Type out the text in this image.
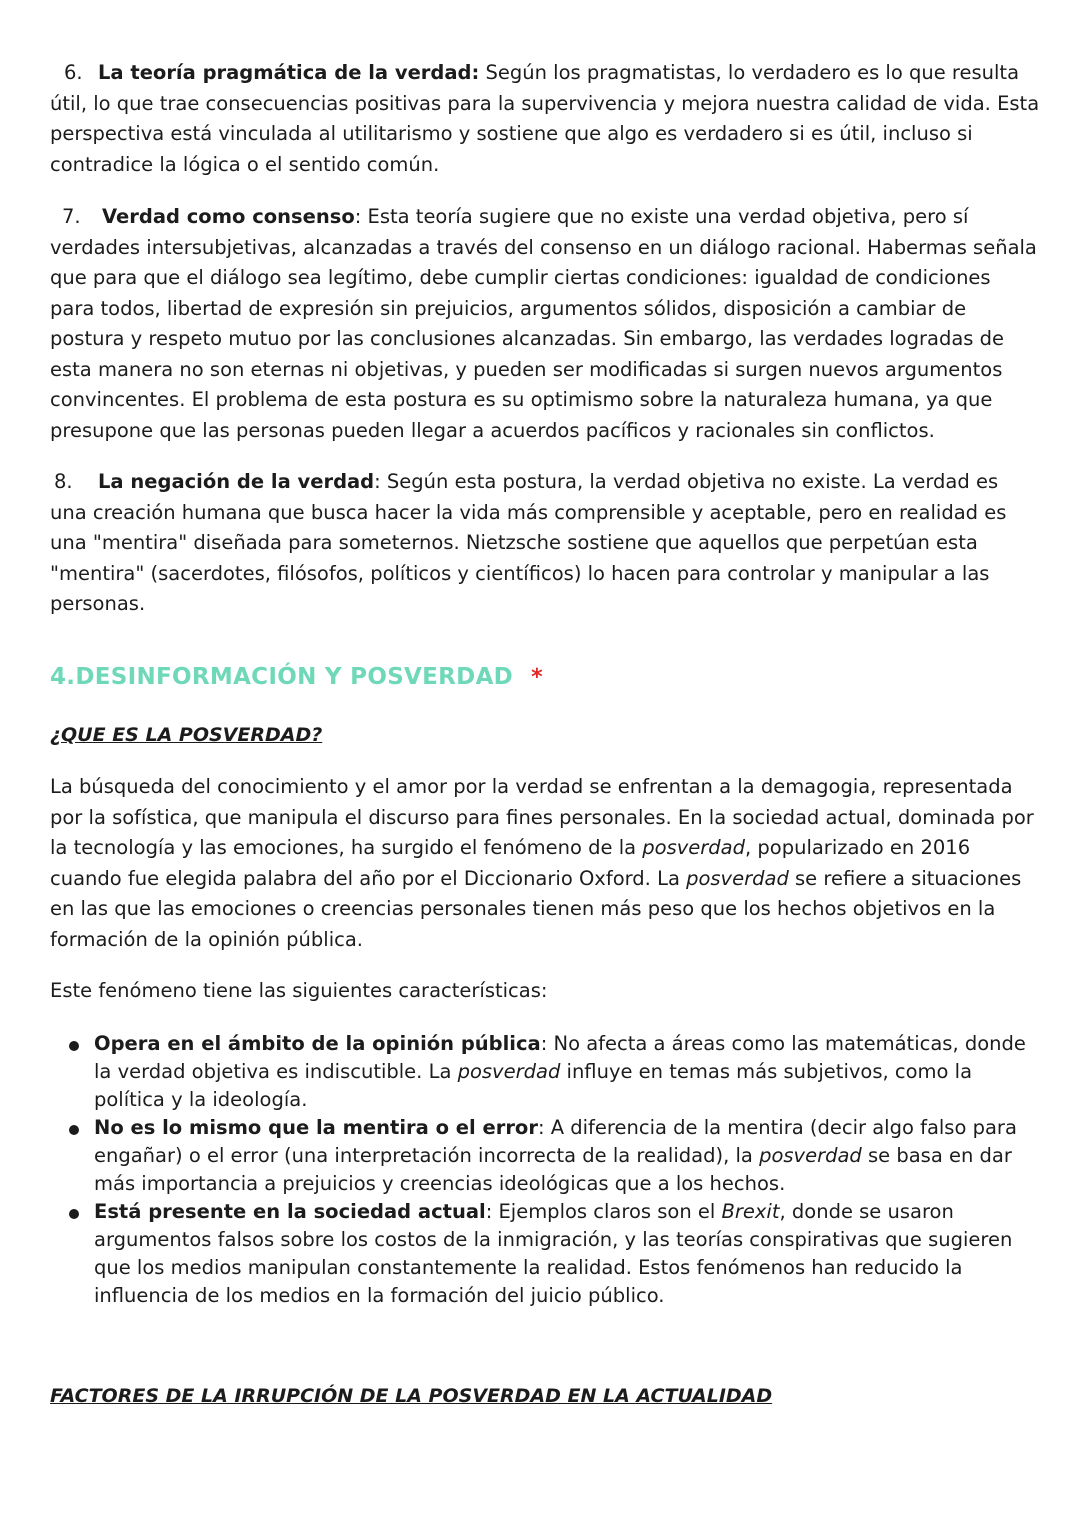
6. La teoría pragmática de la verdad: Según los pragmatistas, lo verdadero es lo que resulta útil, lo que trae consecuencias positivas para la supervivencia y mejora nuestra calidad de vida. Esta perspectiva está vinculada al utilitarismo y sostiene que algo es verdadero si es útil, incluso si contradice la lógica o el sentido común.

7. Verdad como consenso: Esta teoría sugiere que no existe una verdad objetiva, pero sí verdades intersubjetivas, alcanzadas a través del consenso en un diálogo racional. Habermas señala que para que el diálogo sea legítimo, debe cumplir ciertas condiciones: igualdad de condiciones para todos, libertad de expresión sin prejuicios, argumentos sólidos, disposición a cambiar de postura y respeto mutuo por las conclusiones alcanzadas. Sin embargo, las verdades logradas de esta manera no son eternas ni objetivas, y pueden ser modificadas si surgen nuevos argumentos convincentes. El problema de esta postura es su optimismo sobre la naturaleza humana, ya que presupone que las personas pueden llegar a acuerdos pacíficos y racionales sin conflictos.

8. La negación de la verdad: Según esta postura, la verdad objetiva no existe. La verdad es una creación humana que busca hacer la vida más comprensible y aceptable, pero en realidad es una "mentira" diseñada para someternos. Nietzsche sostiene que aquellos que perpetúan esta "mentira" (sacerdotes, filósofos, políticos y científicos) lo hacen para controlar y manipular a las personas.

4.DESINFORMACIÓN Y POSVERDAD *
¿QUE ES LA POSVERDAD?

La búsqueda del conocimiento y el amor por la verdad se enfrentan a la demagogia, representada por la sofística, que manipula el discurso para fines personales. En la sociedad actual, dominada por la tecnología y las emociones, ha surgido el fenómeno de la posverdad, popularizado en 2016 cuando fue elegida palabra del año por el Diccionario Oxford. La posverdad se refiere a situaciones en las que las emociones o creencias personales tienen más peso que los hechos objetivos en la formación de la opinión pública.

Este fenómeno tiene las siguientes características:

Opera en el ámbito de la opinión pública: No afecta a áreas como las matemáticas, donde la verdad objetiva es indiscutible. La posverdad influye en temas más subjetivos, como la política y la ideología.
No es lo mismo que la mentira o el error: A diferencia de la mentira (decir algo falso para engañar) o el error (una interpretación incorrecta de la realidad), la posverdad se basa en dar más importancia a prejuicios y creencias ideológicas que a los hechos.
Está presente en la sociedad actual: Ejemplos claros son el Brexit, donde se usaron argumentos falsos sobre los costos de la inmigración, y las teorías conspirativas que sugieren que los medios manipulan constantemente la realidad. Estos fenómenos han reducido la influencia de los medios en la formación del juicio público.
FACTORES DE LA IRRUPCIÓN DE LA POSVERDAD EN LA ACTUALIDAD
